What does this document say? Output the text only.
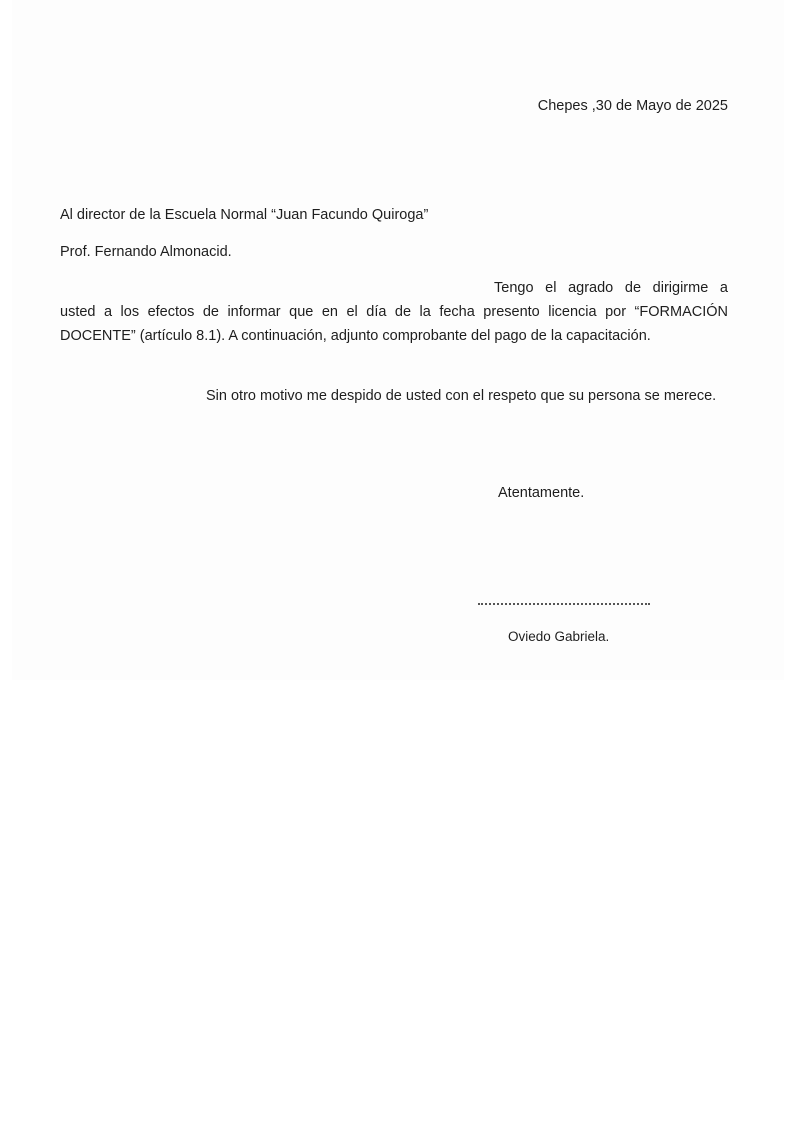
Chepes ,30 de Mayo de 2025
Al director de la Escuela Normal “Juan Facundo Quiroga”
Prof. Fernando Almonacid.
Tengo el agrado de dirigirme a usted a los efectos de informar que en el día de la fecha presento licencia por “FORMACIÓN DOCENTE” (artículo 8.1). A continuación, adjunto comprobante del pago de la capacitación.
Sin otro motivo me despido de usted con el respeto que su persona se merece.
Atentamente.
Oviedo Gabriela.
